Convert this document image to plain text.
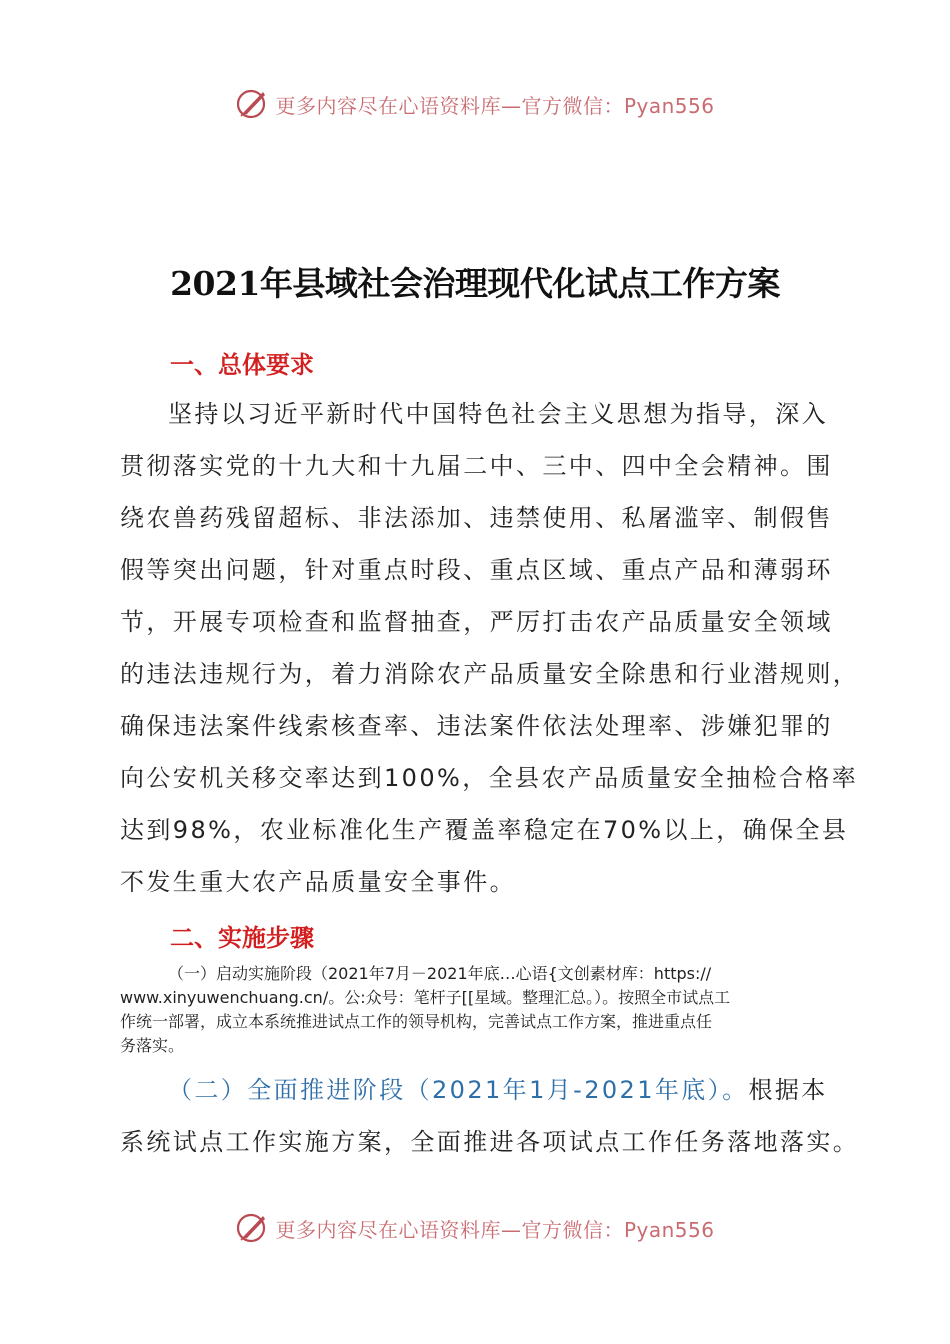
更多内容尽在心语资料库—官方微信：Pyan556
2021年县域社会治理现代化试点工作方案
一、总体要求
坚持以习近平新时代中国特色社会主义思想为指导，深入
贯彻落实党的十九大和十九届二中、三中、四中全会精神。围
绕农兽药残留超标、非法添加、违禁使用、私屠滥宰、制假售
假等突出问题，针对重点时段、重点区域、重点产品和薄弱环
节，开展专项检查和监督抽查，严厉打击农产品质量安全领域
的违法违规行为，着力消除农产品质量安全除患和行业潜规则，
确保违法案件线索核查率、违法案件依法处理率、涉嫌犯罪的
向公安机关移交率达到100%，全县农产品质量安全抽检合格率
达到98%，农业标准化生产覆盖率稳定在70%以上，确保全县
不发生重大农产品质量安全事件。
二、实施步骤
（一）启动实施阶段（2021年7月－2021年底…心语{文创素材库：https://
www.xinyuwenchuang.cn/。公:众号：笔杆子[[星域。整理汇总。）。按照全市试点工
作统一部署，成立本系统推进试点工作的领导机构，完善试点工作方案，推进重点任
务落实。
（二）全面推进阶段（2021年1月-2021年底）。根据本
系统试点工作实施方案，全面推进各项试点工作任务落地落实。
更多内容尽在心语资料库—官方微信：Pyan556
